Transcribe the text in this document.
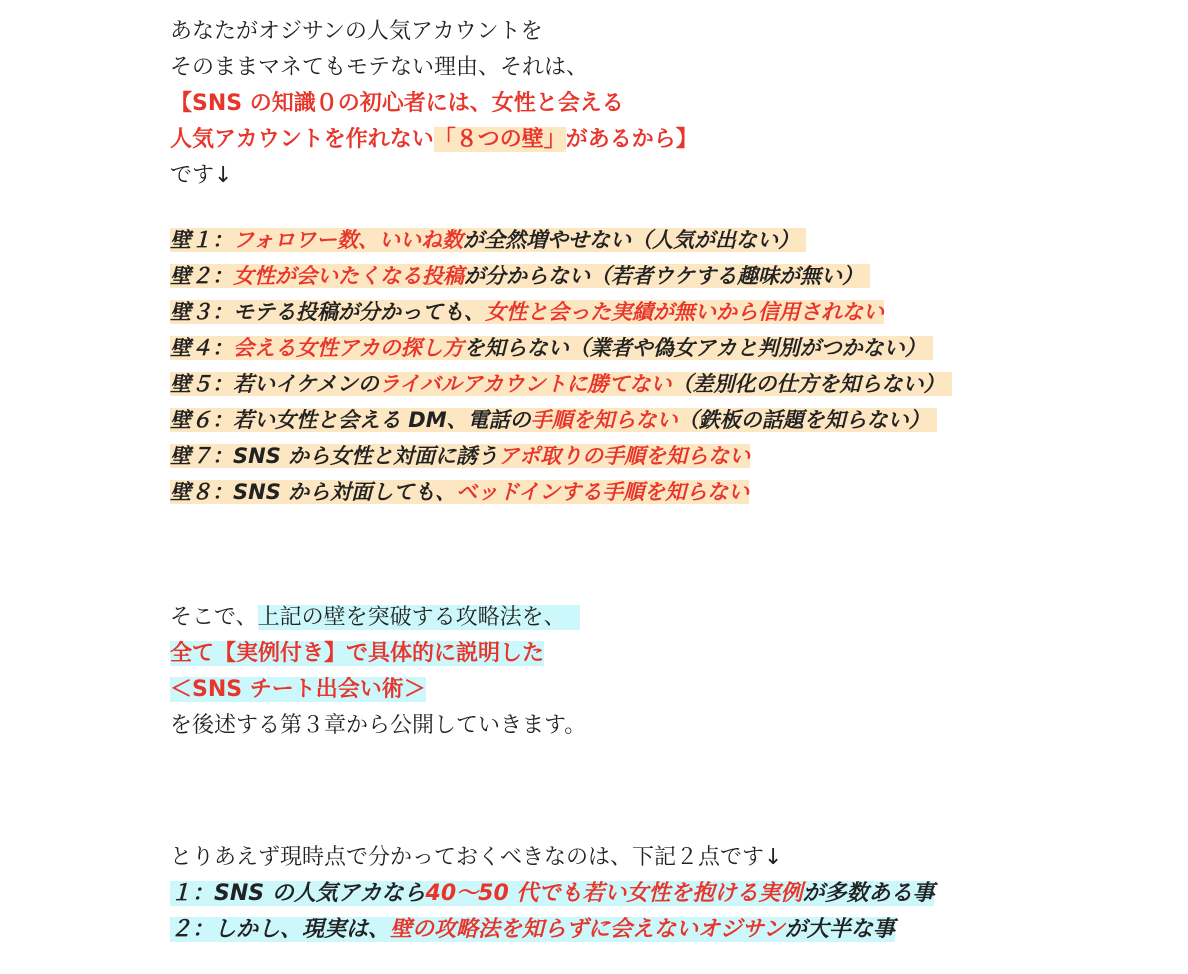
あなたがオジサンの人気アカウントを
そのままマネてもモテない理由、それは、
【SNS の知識０の初心者には、女性と会える
人気アカウントを作れない「８つの壁」があるから】
です↓
壁１：フォロワー数、いいね数が全然増やせない（人気が出ない）
壁２：女性が会いたくなる投稿が分からない（若者ウケする趣味が無い）
壁３：モテる投稿が分かっても、女性と会った実績が無いから信用されない
壁４：会える女性アカの探し方を知らない（業者や偽女アカと判別がつかない）
壁５：若いイケメンのライバルアカウントに勝てない（差別化の仕方を知らない）
壁６：若い女性と会える DM、電話の手順を知らない（鉄板の話題を知らない）
壁７：SNS から女性と対面に誘うアポ取りの手順を知らない
壁８：SNS から対面しても、ベッドインする手順を知らない
そこで、上記の壁を突破する攻略法を、
全て【実例付き】で具体的に説明した
＜SNS チート出会い術＞
を後述する第３章から公開していきます。
とりあえず現時点で分かっておくべきなのは、下記２点です↓
１：SNS の人気アカなら40〜50 代でも若い女性を抱ける実例が多数ある事
２：しかし、現実は、壁の攻略法を知らずに会えないオジサンが大半な事
